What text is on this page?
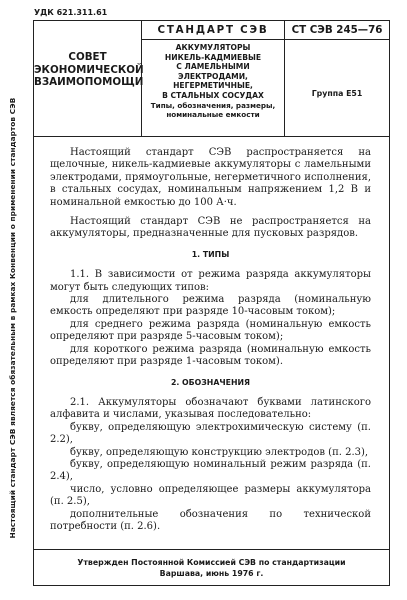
УДК 621.311.61
Настоящий стандарт СЭВ является обязательным в рамках Конвенции о применении стандартов СЭВ
СОВЕТ
ЭКОНОМИЧЕСКОЙ
ВЗАИМОПОМОЩИ
СТАНДАРТ СЭВ
АККУМУЛЯТОРЫ
НИКЕЛЬ-КАДМИЕВЫЕ
С ЛАМЕЛЬНЫМИ
ЭЛЕКТРОДАМИ,
НЕГЕРМЕТИЧНЫЕ,
В СТАЛЬНЫХ СОСУДАХ
Типы, обозначения, размеры,
номинальные емкости
СТ СЭВ 245—76
Группа Е51

Настоящий стандарт СЭВ распространяется на щелочные, никель-кадмиевые аккумуляторы с ламельными электродами, прямоугольные, негерметичного исполнения, в стальных сосудах, номинальным напряжением 1,2 В и номинальной емкостью до 100 А·ч.

Настоящий стандарт СЭВ не распространяется на аккумуляторы, предназначенные для пусковых разрядов.

1. ТИПЫ

1.1. В зависимости от режима разряда аккумуляторы могут быть следующих типов:

для длительного режима разряда (номинальную емкость определяют при разряде 10-часовым током);

для среднего режима разряда (номинальную емкость определяют при разряде 5-часовым током);

для короткого режима разряда (номинальную емкость определяют при разряде 1-часовым током).

2. ОБОЗНАЧЕНИЯ

2.1. Аккумуляторы обозначают буквами латинского алфавита и числами, указывая последовательно:

букву, определяющую электрохимическую систему (п. 2.2),

букву, определяющую конструкцию электродов (п. 2.3),

букву, определяющую номинальный режим разряда (п. 2.4),

число, условно определяющее размеры аккумулятора (п. 2.5),

дополнительные обозначения по технической потребности (п. 2.6).

Утвержден Постоянной Комиссией СЭВ по стандартизации
Варшава, июнь 1976 г.
